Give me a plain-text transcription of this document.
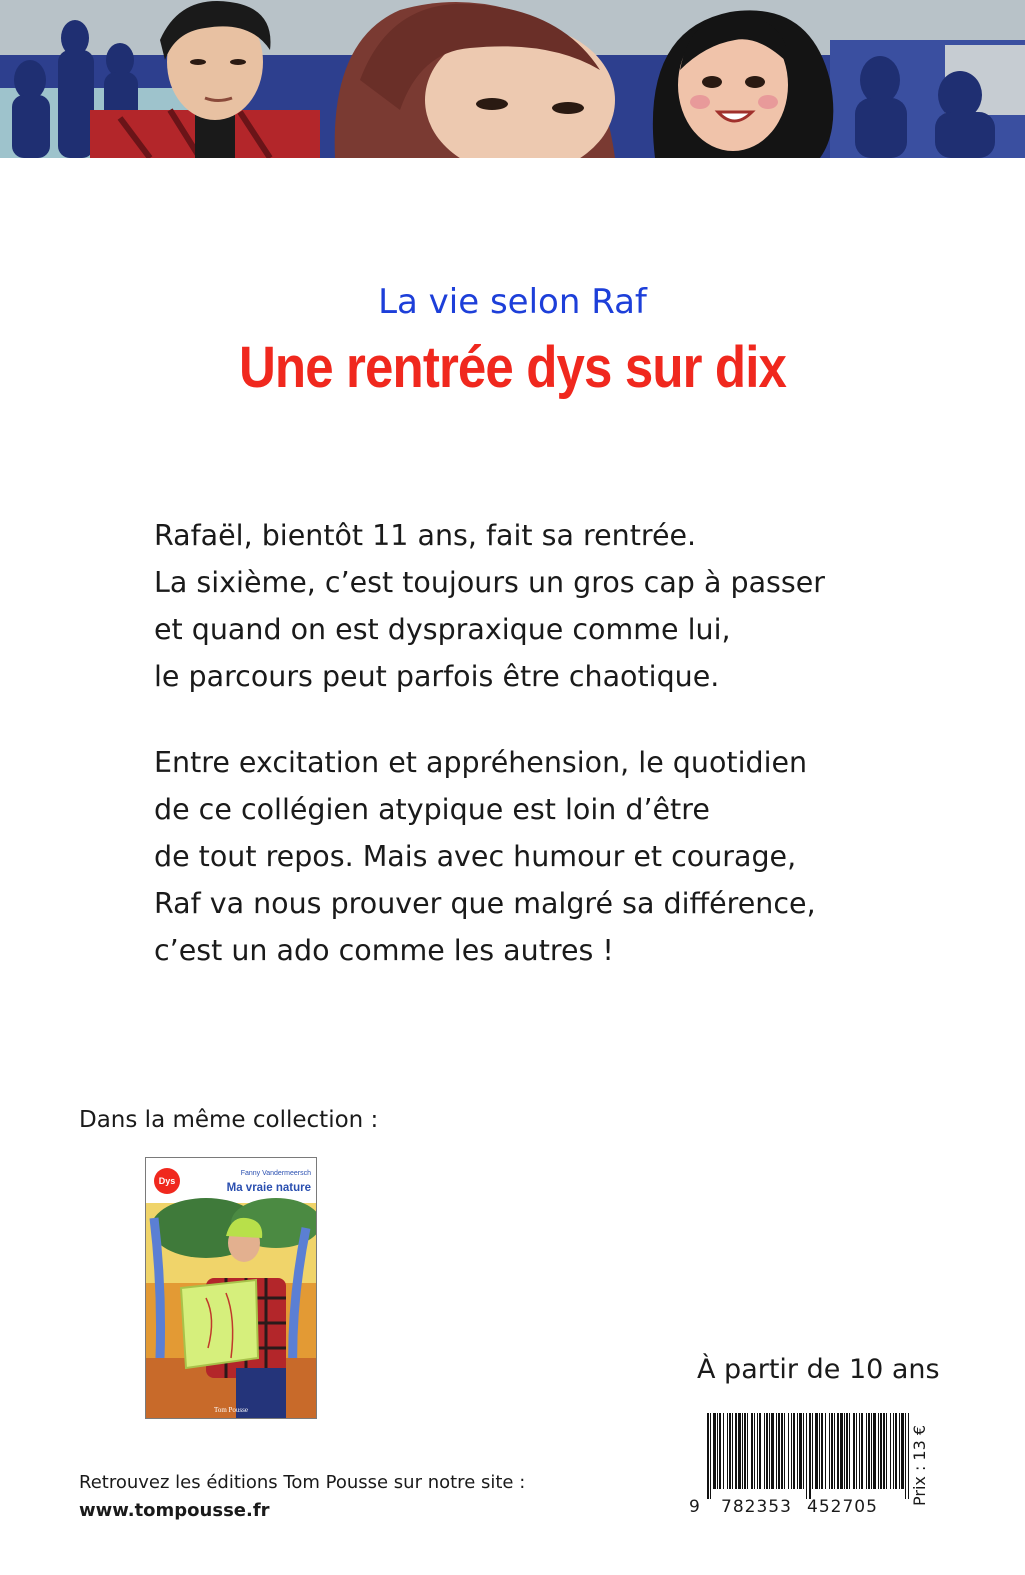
La vie selon Raf
Une rentrée dys sur dix
Rafaël, bientôt 11 ans, fait sa rentrée.
La sixième, c’est toujours un gros cap à passer
et quand on est dyspraxique comme lui,
le parcours peut parfois être chaotique.
Entre excitation et appréhension, le quotidien
de ce collégien atypique est loin d’être
de tout repos. Mais avec humour et courage,
Raf va nous prouver que malgré sa différence,
c’est un ado comme les autres !
Dans la même collection :
Dys
Fanny Vandermeersch
Ma vraie nature
Tom Pousse
À partir de 10 ans
9 782353 452705
Prix : 13 €
Retrouvez les éditions Tom Pousse sur notre site :
www.tompousse.fr
